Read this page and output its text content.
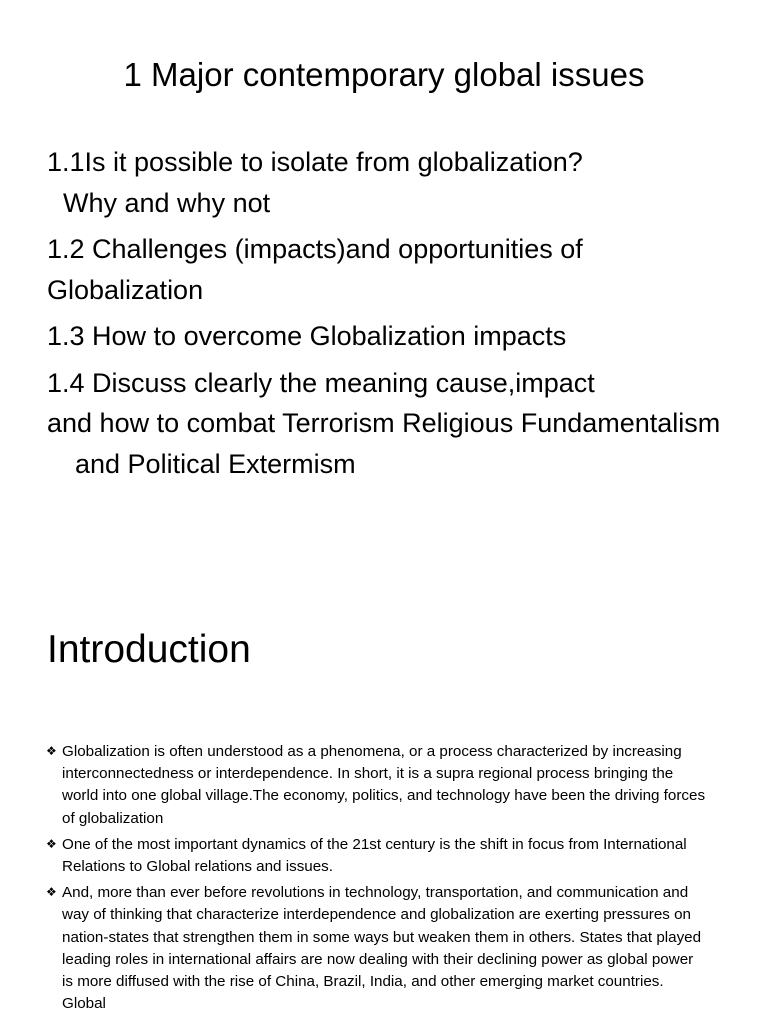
1 Major contemporary global issues
1.1Is it possible to isolate from globalization?
Why and why not
1.2 Challenges (impacts)and opportunities of
Globalization
1.3 How to overcome Globalization impacts
1.4 Discuss clearly the meaning cause,impact
and how to combat Terrorism Religious Fundamentalism and Political Extermism
Introduction
❖ Globalization is often understood as a phenomena, or a process characterized by increasing interconnectedness or interdependence. In short, it is a supra regional process bringing the world into one global village.The economy, politics, and technology have been the driving forces of globalization
❖ One of the most important dynamics of the 21st century is the shift in focus from International Relations to Global relations and issues.
❖ And, more than ever before revolutions in technology, transportation, and communication and way of thinking that characterize interdependence and globalization are exerting pressures on nation-states that strengthen them in some ways but weaken them in others. States that played leading roles in international affairs are now dealing with their declining power as global power is more diffused with the rise of China, Brazil, India, and other emerging market countries. Global
